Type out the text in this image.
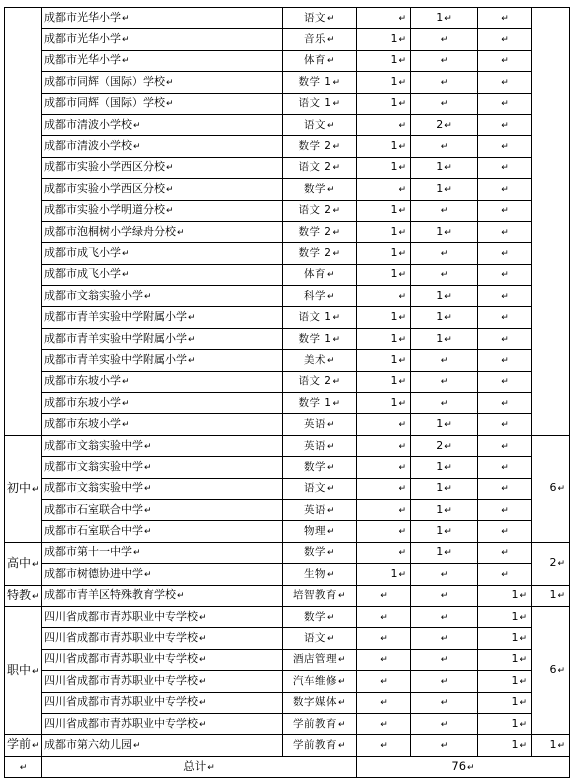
	成都市光华小学↵	语文↵	↵	1↵	↵	
	成都市光华小学↵	音乐↵	1↵	↵	↵	
	成都市光华小学↵	体育↵	1↵	↵	↵	
	成都市同辉（国际）学校↵	数学 1↵	1↵	↵	↵	
	成都市同辉（国际）学校↵	语文 1↵	1↵	↵	↵	
	成都市清波小学校↵	语文↵	↵	2↵	↵	
	成都市清波小学校↵	数学 2↵	1↵	↵	↵	
	成都市实验小学西区分校↵	语文 2↵	1↵	1↵	↵	
	成都市实验小学西区分校↵	数学↵	↵	1↵	↵	
	成都市实验小学明道分校↵	语文 2↵	1↵	↵	↵	
	成都市泡桐树小学绿舟分校↵	数学 2↵	1↵	1↵	↵	
	成都市成飞小学↵	数学 2↵	1↵	↵	↵	
	成都市成飞小学↵	体育↵	1↵	↵	↵	
	成都市文翁实验小学↵	科学↵	↵	1↵	↵	
	成都市青羊实验中学附属小学↵	语文 1↵	1↵	1↵	↵	
	成都市青羊实验中学附属小学↵	数学 1↵	1↵	1↵	↵	
	成都市青羊实验中学附属小学↵	美术↵	1↵	↵	↵	
	成都市东坡小学↵	语文 2↵	1↵	↵	↵	
	成都市东坡小学↵	数学 1↵	1↵	↵	↵	
	成都市东坡小学↵	英语↵	↵	1↵	↵	
初中↵	成都市文翁实验中学↵	英语↵	↵	2↵	↵	6↵
	成都市文翁实验中学↵	数学↵	↵	1↵	↵	
	成都市文翁实验中学↵	语文↵	↵	1↵	↵	
	成都市石室联合中学↵	英语↵	↵	1↵	↵	
	成都市石室联合中学↵	物理↵	↵	1↵	↵	
高中↵	成都市第十一中学↵	数学↵	↵	1↵	↵	2↵
	成都市树德协进中学↵	生物↵	1↵	↵	↵	
特教↵	成都市青羊区特殊教育学校↵	培智教育↵	↵	↵	1↵	1↵
职中↵	四川省成都市青苏职业中专学校↵	数学↵	↵	↵	1↵	6↵
	四川省成都市青苏职业中专学校↵	语文↵	↵	↵	1↵	
	四川省成都市青苏职业中专学校↵	酒店管理↵	↵	↵	1↵	
	四川省成都市青苏职业中专学校↵	汽车维修↵	↵	↵	1↵	
	四川省成都市青苏职业中专学校↵	数字媒体↵	↵	↵	1↵	
	四川省成都市青苏职业中专学校↵	学前教育↵	↵	↵	1↵	
学前↵	成都市第六幼儿园↵	学前教育↵	↵	↵	1↵	1↵
↵	总计↵		76↵			
